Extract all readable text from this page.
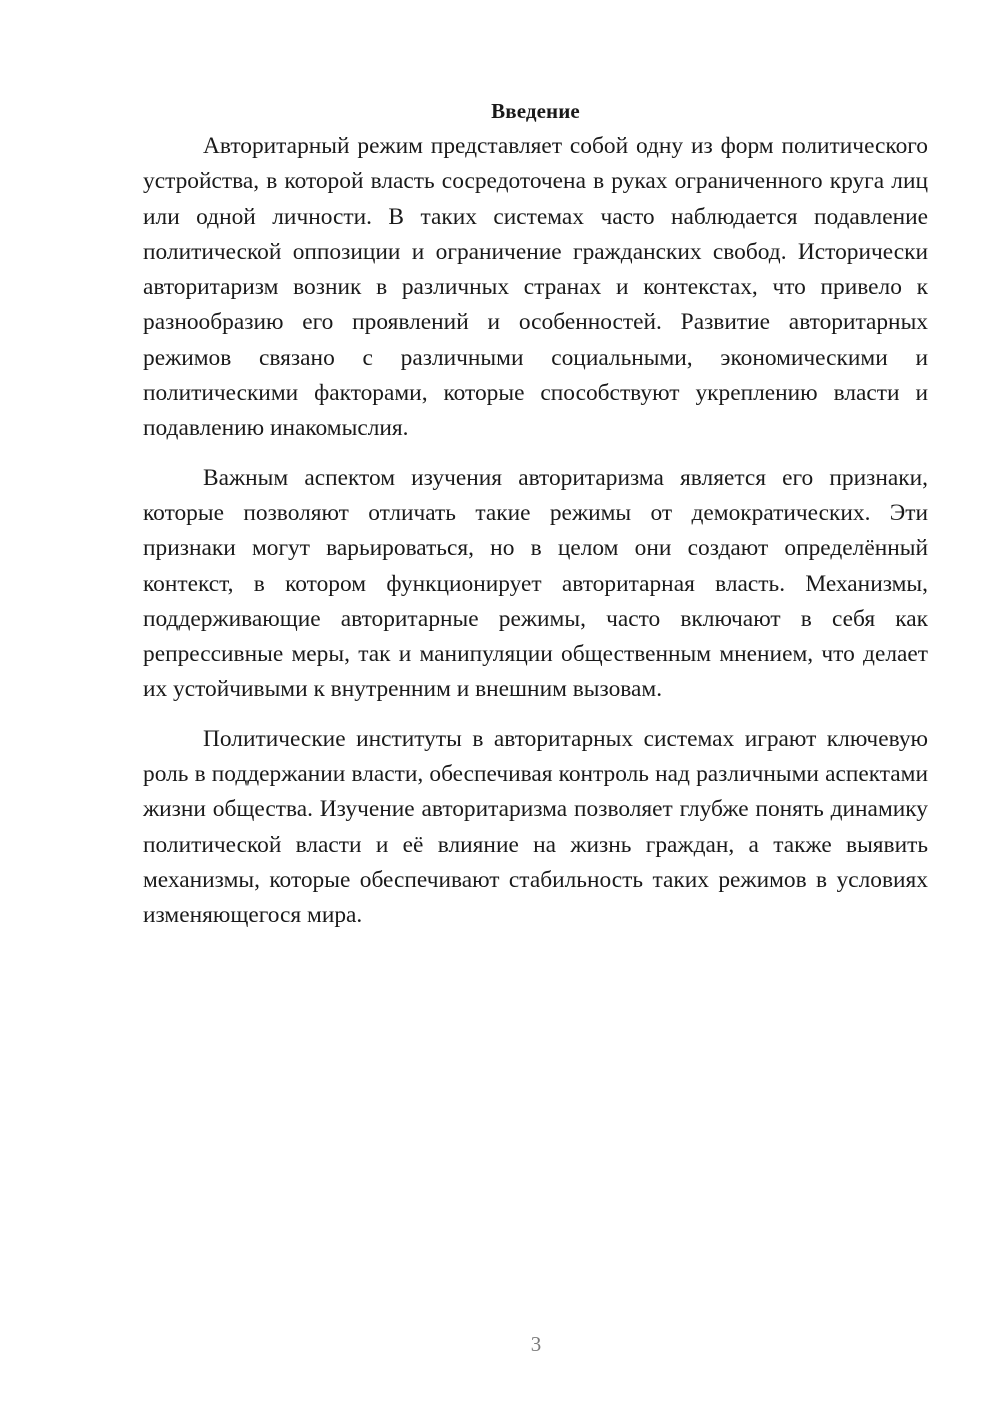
Введение

Авторитарный режим представляет собой одну из форм политического устройства, в которой власть сосредоточена в руках ограниченного круга лиц или одной личности. В таких системах часто наблюдается подавление политической оппозиции и ограничение гражданских свобод. Исторически авторитаризм возник в различных странах и контекстах, что привело к разнообразию его проявлений и особенностей. Развитие авторитарных режимов связано с различными социальными, экономическими и политическими факторами, которые способствуют укреплению власти и подавлению инакомыслия.

Важным аспектом изучения авторитаризма является его признаки, которые позволяют отличать такие режимы от демократических. Эти признаки могут варьироваться, но в целом они создают определённый контекст, в котором функционирует авторитарная власть. Механизмы, поддерживающие авторитарные режимы, часто включают в себя как репрессивные меры, так и манипуляции общественным мнением, что делает их устойчивыми к внутренним и внешним вызовам.

Политические институты в авторитарных системах играют ключевую роль в поддержании власти, обеспечивая контроль над различными аспектами жизни общества. Изучение авторитаризма позволяет глубже понять динамику политической власти и её влияние на жизнь граждан, а также выявить механизмы, которые обеспечивают стабильность таких режимов в условиях изменяющегося мира.

3
